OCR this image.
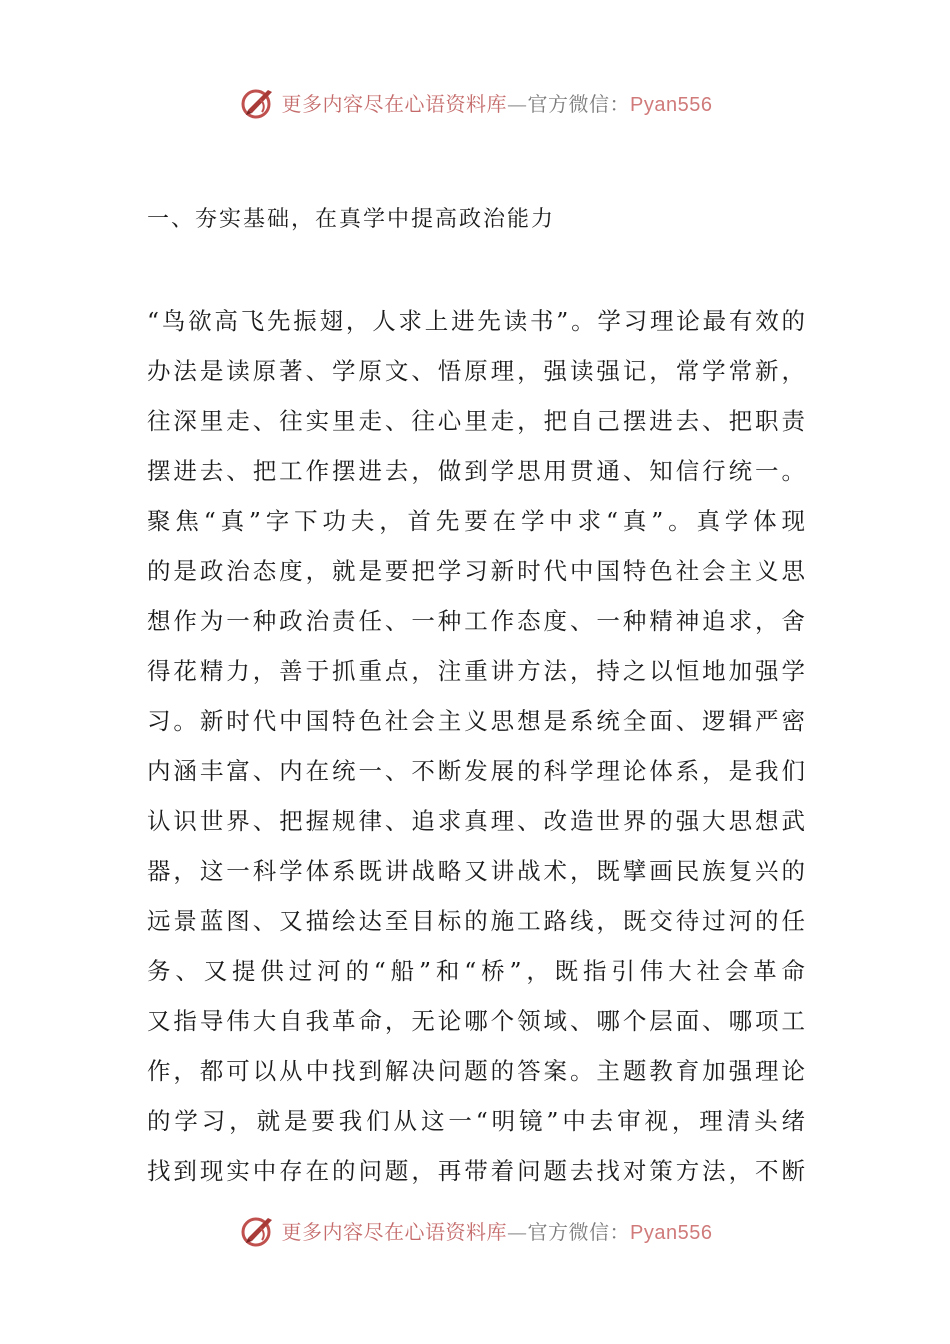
更多内容尽在心语资料库—官方微信：Pyan556
一、夯实基础，在真学中提高政治能力
“鸟欲高飞先振翅，人求上进先读书”。学习理论最有效的
办法是读原著、学原文、悟原理，强读强记，常学常新，
往深里走、往实里走、往心里走，把自己摆进去、把职责
摆进去、把工作摆进去，做到学思用贯通、知信行统一。
聚焦“真”字下功夫，首先要在学中求“真”。真学体现
的是政治态度，就是要把学习新时代中国特色社会主义思
想作为一种政治责任、一种工作态度、一种精神追求，舍
得花精力，善于抓重点，注重讲方法，持之以恒地加强学
习。新时代中国特色社会主义思想是系统全面、逻辑严密
内涵丰富、内在统一、不断发展的科学理论体系，是我们
认识世界、把握规律、追求真理、改造世界的强大思想武
器，这一科学体系既讲战略又讲战术，既擘画民族复兴的
远景蓝图、又描绘达至目标的施工路线，既交待过河的任
务、又提供过河的“船”和“桥”，既指引伟大社会革命
又指导伟大自我革命，无论哪个领域、哪个层面、哪项工
作，都可以从中找到解决问题的答案。主题教育加强理论
的学习，就是要我们从这一“明镜”中去审视，理清头绪
找到现实中存在的问题，再带着问题去找对策方法，不断
更多内容尽在心语资料库—官方微信：Pyan556
